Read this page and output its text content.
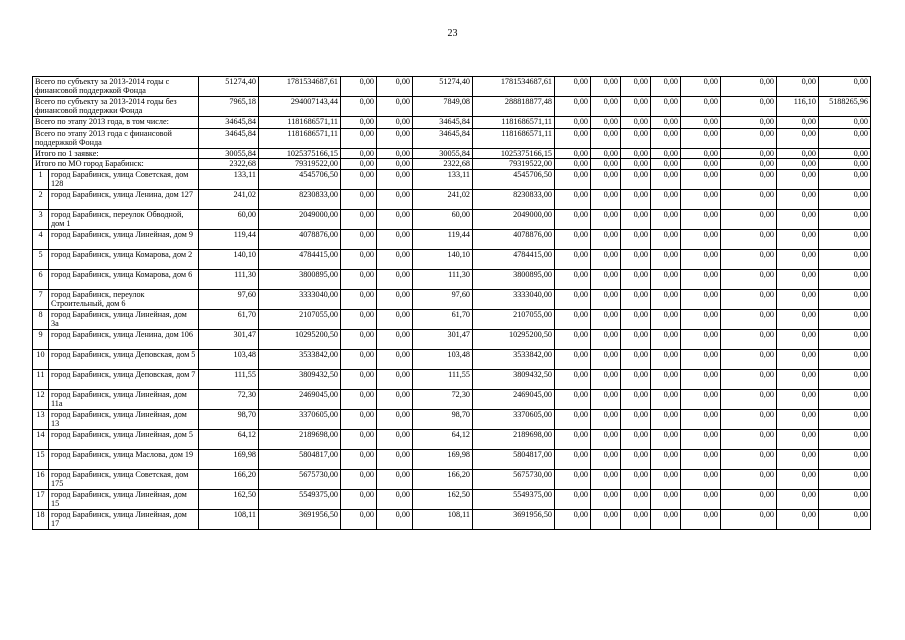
23
Всего по субъекту за 2013-2014 годы с финансовой поддержкой Фонда		51274,40	1781534687,61	0,00	0,00	51274,40	1781534687,61	0,00	0,00	0,00	0,00	0,00	0,00	0,00	0,00
Всего по субъекту за 2013-2014 годы без финансовой поддержки Фонда		7965,18	294007143,44	0,00	0,00	7849,08	288818877,48	0,00	0,00	0,00	0,00	0,00	0,00	116,10	5188265,96
Всего по этапу 2013 года, в том числе:		34645,84	1181686571,11	0,00	0,00	34645,84	1181686571,11	0,00	0,00	0,00	0,00	0,00	0,00	0,00	0,00
Всего по этапу 2013 года с финансовой поддержкой Фонда		34645,84	1181686571,11	0,00	0,00	34645,84	1181686571,11	0,00	0,00	0,00	0,00	0,00	0,00	0,00	0,00
Итого по 1 заявке:		30055,84	1025375166,15	0,00	0,00	30055,84	1025375166,15	0,00	0,00	0,00	0,00	0,00	0,00	0,00	0,00
Итого по МО город Барабинск:		2322,68	79319522,00	0,00	0,00	2322,68	79319522,00	0,00	0,00	0,00	0,00	0,00	0,00	0,00	0,00
1	город Барабинск, улица Советская, дом 128	133,11	4545706,50	0,00	0,00	133,11	4545706,50	0,00	0,00	0,00	0,00	0,00	0,00	0,00	0,00
2	город Барабинск, улица Ленина, дом 127	241,02	8230833,00	0,00	0,00	241,02	8230833,00	0,00	0,00	0,00	0,00	0,00	0,00	0,00	0,00
3	город Барабинск, переулок Обводной, дом 1	60,00	2049000,00	0,00	0,00	60,00	2049000,00	0,00	0,00	0,00	0,00	0,00	0,00	0,00	0,00
4	город Барабинск, улица Линейная, дом 9	119,44	4078876,00	0,00	0,00	119,44	4078876,00	0,00	0,00	0,00	0,00	0,00	0,00	0,00	0,00
5	город Барабинск, улица Комарова, дом 2	140,10	4784415,00	0,00	0,00	140,10	4784415,00	0,00	0,00	0,00	0,00	0,00	0,00	0,00	0,00
6	город Барабинск, улица Комарова, дом 6	111,30	3800895,00	0,00	0,00	111,30	3800895,00	0,00	0,00	0,00	0,00	0,00	0,00	0,00	0,00
7	город Барабинск, переулок Строительный, дом 6	97,60	3333040,00	0,00	0,00	97,60	3333040,00	0,00	0,00	0,00	0,00	0,00	0,00	0,00	0,00
8	город Барабинск, улица Линейная, дом 3а	61,70	2107055,00	0,00	0,00	61,70	2107055,00	0,00	0,00	0,00	0,00	0,00	0,00	0,00	0,00
9	город Барабинск, улица Ленина, дом 106	301,47	10295200,50	0,00	0,00	301,47	10295200,50	0,00	0,00	0,00	0,00	0,00	0,00	0,00	0,00
10	город Барабинск, улица Деповская, дом 5	103,48	3533842,00	0,00	0,00	103,48	3533842,00	0,00	0,00	0,00	0,00	0,00	0,00	0,00	0,00
11	город Барабинск, улица Деповская, дом 7	111,55	3809432,50	0,00	0,00	111,55	3809432,50	0,00	0,00	0,00	0,00	0,00	0,00	0,00	0,00
12	город Барабинск, улица Линейная, дом 11а	72,30	2469045,00	0,00	0,00	72,30	2469045,00	0,00	0,00	0,00	0,00	0,00	0,00	0,00	0,00
13	город Барабинск, улица Линейная, дом 13	98,70	3370605,00	0,00	0,00	98,70	3370605,00	0,00	0,00	0,00	0,00	0,00	0,00	0,00	0,00
14	город Барабинск, улица Линейная, дом 5	64,12	2189698,00	0,00	0,00	64,12	2189698,00	0,00	0,00	0,00	0,00	0,00	0,00	0,00	0,00
15	город Барабинск, улица Маслова, дом 19	169,98	5804817,00	0,00	0,00	169,98	5804817,00	0,00	0,00	0,00	0,00	0,00	0,00	0,00	0,00
16	город Барабинск, улица Советская, дом 175	166,20	5675730,00	0,00	0,00	166,20	5675730,00	0,00	0,00	0,00	0,00	0,00	0,00	0,00	0,00
17	город Барабинск, улица Линейная, дом 15	162,50	5549375,00	0,00	0,00	162,50	5549375,00	0,00	0,00	0,00	0,00	0,00	0,00	0,00	0,00
18	город Барабинск, улица Линейная, дом 17	108,11	3691956,50	0,00	0,00	108,11	3691956,50	0,00	0,00	0,00	0,00	0,00	0,00	0,00	0,00
